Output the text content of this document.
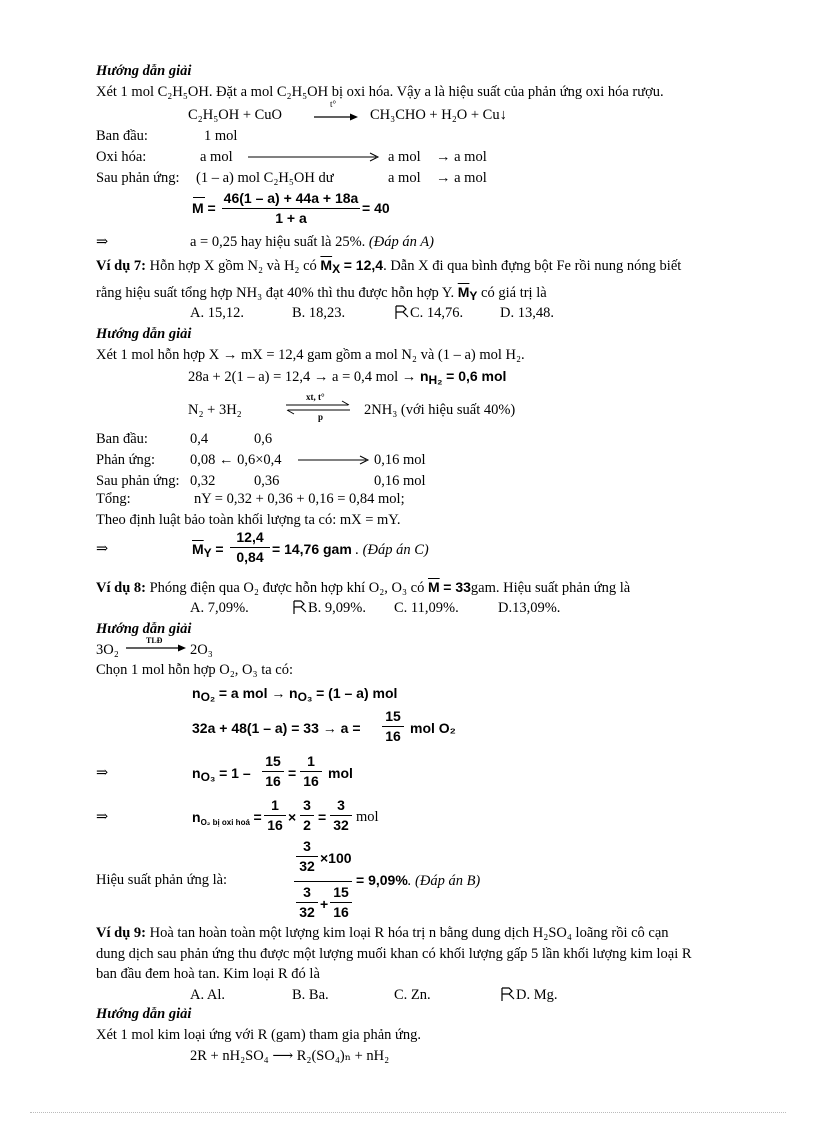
Hướng dẫn giải
Xét 1 mol C₂H₅OH. Đặt a mol C₂H₅OH bị oxi hóa. Vậy a là hiệu suất của phản ứng oxi hóa rượu.
C₂H₅OH + CuO
t°
CH₃CHO + H₂O + Cu↓
Ban đầu:	1 mol
Oxi hóa:	a mol	a mol → a mol
Sau phản ứng: (1 – a) mol C₂H₅OH dư	a mol → a mol
M =
46(1 – a) + 44a + 18a
1 + a
= 40
⇒	a = 0,25 hay hiệu suất là 25%. (Đáp án A)
Ví dụ 7: Hỗn hợp X gồm N₂ và H₂ có $\overline{M}_X = 12,4$. Dẫn X đi qua bình đựng bột Fe rồi nung nóng biết
rằng hiệu suất tổng hợp NH₃ đạt 40% thì thu được hỗn hợp Y. $\overline{M}_Y$ có giá trị là
A. 15,12.	B. 18,23.	C. 14,76.	D. 13,48.
Hướng dẫn giải
Xét 1 mol hỗn hợp X → mX = 12,4 gam gồm a mol N₂ và (1 – a) mol H₂.
28a + 2(1 – a) = 12,4 → a = 0,4 mol → $n_{H_2} = 0,6$ mol
N₂ + 3H₂
xt, t°
p	2NH₃ (với hiệu suất 40%)
Ban đầu:	0,4	0,6
Phản ứng: 0,08 ← 0,6×0,4	0,16 mol
Sau phản ứng: 0,32	0,36	0,16 mol
Tổng:	nY = 0,32 + 0,36 + 0,16 = 0,84 mol;
Theo định luật bảo toàn khối lượng ta có: mX = mY.
⇒	$\overline{M}_Y$ =
12,4
0,84 = 14,76 gam . (Đáp án C)
Ví dụ 8: Phóng điện qua O₂ được hỗn hợp khí O₂, O₃ có $\overline{M} = 33gam$. Hiệu suất phản ứng là
A. 7,09%.	B. 9,09%. C. 11,09%.	D.13,09%.
Hướng dẫn giải
3O₂
TLĐ
2O₃
Chọn 1 mol hỗn hợp O₂, O₃ ta có:
$n_{O_2} = a$ mol → $n_{O_3} = (1 - a)$ mol
32a + 48(1 – a) = 33 → a =
15
16 mol O₂
⇒	$n_{O_3} = 1$ –
15
16 =
1
16 mol
⇒	$n_{O_2 bị oxi hoá}$ =
1
16 ×
3
2 =
3
32 mol
Hiệu suất phản ứng là:
3
32 ×100
3
32 +
15
16
= 9,09%. (Đáp án B)
Ví dụ 9: Hoà tan hoàn toàn một lượng kim loại R hóa trị n bằng dung dịch H₂SO₄ loãng rồi cô cạn
dung dịch sau phản ứng thu được một lượng muối khan có khối lượng gấp 5 lần khối lượng kim loại R
ban đầu đem hoà tan. Kim loại R đó là
A. Al.	B. Ba.	C. Zn.	D. Mg.
Hướng dẫn giải
Xét 1 mol kim loại ứng với R (gam) tham gia phản ứng.
2R + nH₂SO₄ ⟶ R₂(SO₄)ₙ + nH₂
